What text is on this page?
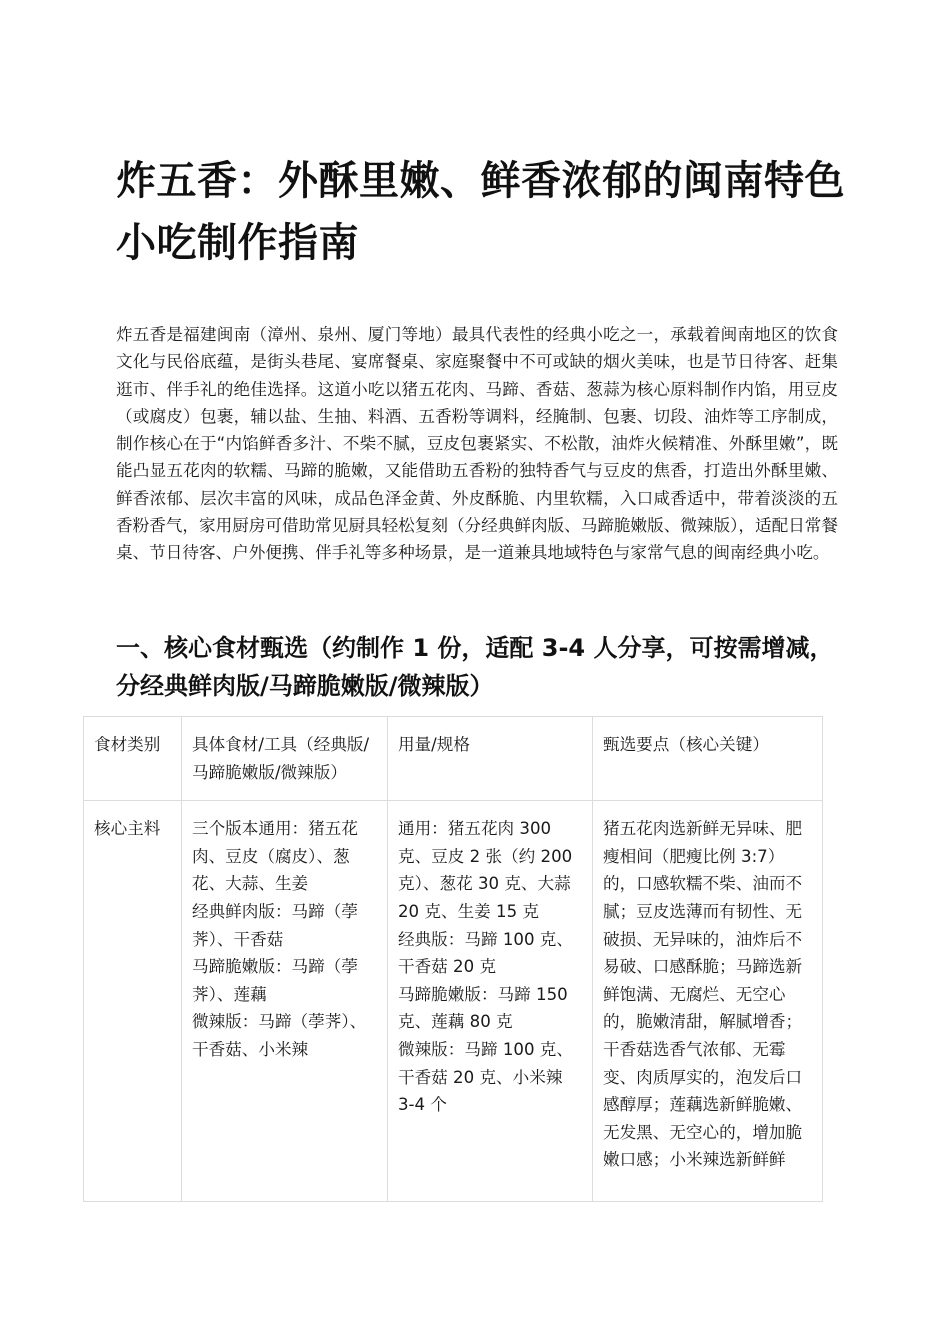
炸五香：外酥里嫩、鲜香浓郁的闽南特色小吃制作指南

炸五香是福建闽南（漳州、泉州、厦门等地）最具代表性的经典小吃之一，承载着闽南地区的饮食文化与民俗底蕴，是街头巷尾、宴席餐桌、家庭聚餐中不可或缺的烟火美味，也是节日待客、赶集逛市、伴手礼的绝佳选择。这道小吃以猪五花肉、马蹄、香菇、葱蒜为核心原料制作内馅，用豆皮（或腐皮）包裹，辅以盐、生抽、料酒、五香粉等调料，经腌制、包裹、切段、油炸等工序制成，制作核心在于“内馅鲜香多汁、不柴不腻，豆皮包裹紧实、不松散，油炸火候精准、外酥里嫩”，既能凸显五花肉的软糯、马蹄的脆嫩，又能借助五香粉的独特香气与豆皮的焦香，打造出外酥里嫩、鲜香浓郁、层次丰富的风味，成品色泽金黄、外皮酥脆、内里软糯，入口咸香适中，带着淡淡的五香粉香气，家用厨房可借助常见厨具轻松复刻（分经典鲜肉版、马蹄脆嫩版、微辣版），适配日常餐桌、节日待客、户外便携、伴手礼等多种场景，是一道兼具地域特色与家常气息的闽南经典小吃。

一、核心食材甄选（约制作 1 份，适配 3-4 人分享，可按需增减，分经典鲜肉版/马蹄脆嫩版/微辣版）
食材类别	具体食材/工具（经典版/马蹄脆嫩版/微辣版）	用量/规格	甄选要点（核心关键）
核心主料	三个版本通用：猪五花肉、豆皮（腐皮）、葱花、大蒜、生姜
经典鲜肉版：马蹄（荸荠）、干香菇
马蹄脆嫩版：马蹄（荸荠）、莲藕
微辣版：马蹄（荸荠）、干香菇、小米辣	通用：猪五花肉 300 克、豆皮 2 张（约 200 克）、葱花 30 克、大蒜 20 克、生姜 15 克
经典版：马蹄 100 克、干香菇 20 克
马蹄脆嫩版：马蹄 150 克、莲藕 80 克
微辣版：马蹄 100 克、干香菇 20 克、小米辣 3-4 个	猪五花肉选新鲜无异味、肥瘦相间（肥瘦比例 3:7）的，口感软糯不柴、油而不腻；豆皮选薄而有韧性、无破损、无异味的，油炸后不易破、口感酥脆；马蹄选新鲜饱满、无腐烂、无空心的，脆嫩清甜，解腻增香；干香菇选香气浓郁、无霉变、肉质厚实的，泡发后口感醇厚；莲藕选新鲜脆嫩、无发黑、无空心的，增加脆嫩口感；小米辣选新鲜鲜
